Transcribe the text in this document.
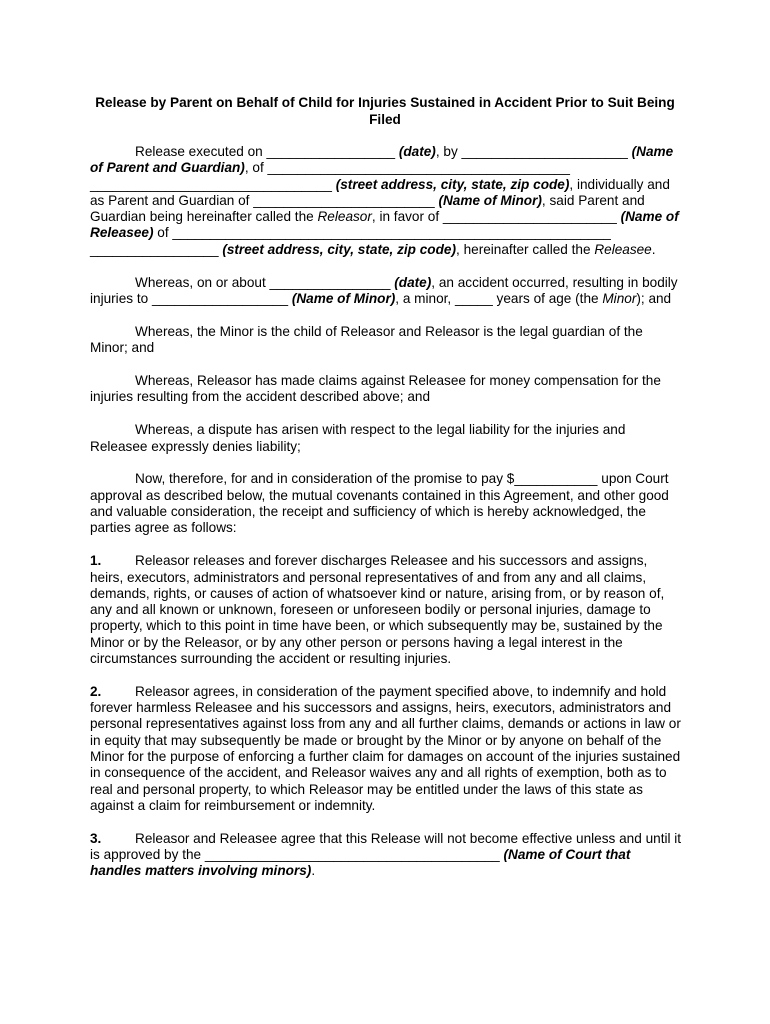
Release by Parent on Behalf of Child for Injuries Sustained in Accident Prior to Suit Being Filed

Release executed on _________________ (date), by ______________________ (Name of Parent and Guardian), of ________________________________________ ________________________________ (street address, city, state, zip code), individually and as Parent and Guardian of ________________________ (Name of Minor), said Parent and Guardian being hereinafter called the Releasor, in favor of _______________________ (Name of Releasee) of __________________________________________________________ _________________ (street address, city, state, zip code), hereinafter called the Releasee.

Whereas, on or about ________________ (date), an accident occurred, resulting in bodily injuries to __________________ (Name of Minor), a minor, _____ years of age (the Minor); and

Whereas, the Minor is the child of Releasor and Releasor is the legal guardian of the Minor; and

Whereas, Releasor has made claims against Releasee for money compensation for the injuries resulting from the accident described above; and

Whereas, a dispute has arisen with respect to the legal liability for the injuries and Releasee expressly denies liability;

Now, therefore, for and in consideration of the promise to pay $___________ upon Court approval as described below, the mutual covenants contained in this Agreement, and other good and valuable consideration, the receipt and sufficiency of which is hereby acknowledged, the parties agree as follows:

1. Releasor releases and forever discharges Releasee and his successors and assigns, heirs, executors, administrators and personal representatives of and from any and all claims, demands, rights, or causes of action of whatsoever kind or nature, arising from, or by reason of, any and all known or unknown, foreseen or unforeseen bodily or personal injuries, damage to property, which to this point in time have been, or which subsequently may be, sustained by the Minor or by the Releasor, or by any other person or persons having a legal interest in the circumstances surrounding the accident or resulting injuries.

2. Releasor agrees, in consideration of the payment specified above, to indemnify and hold forever harmless Releasee and his successors and assigns, heirs, executors, administrators and personal representatives against loss from any and all further claims, demands or actions in law or in equity that may subsequently be made or brought by the Minor or by anyone on behalf of the Minor for the purpose of enforcing a further claim for damages on account of the injuries sustained in consequence of the accident, and Releasor waives any and all rights of exemption, both as to real and personal property, to which Releasor may be entitled under the laws of this state as against a claim for reimbursement or indemnity.

3. Releasor and Releasee agree that this Release will not become effective unless and until it is approved by the _______________________________________ (Name of Court that handles matters involving minors).
